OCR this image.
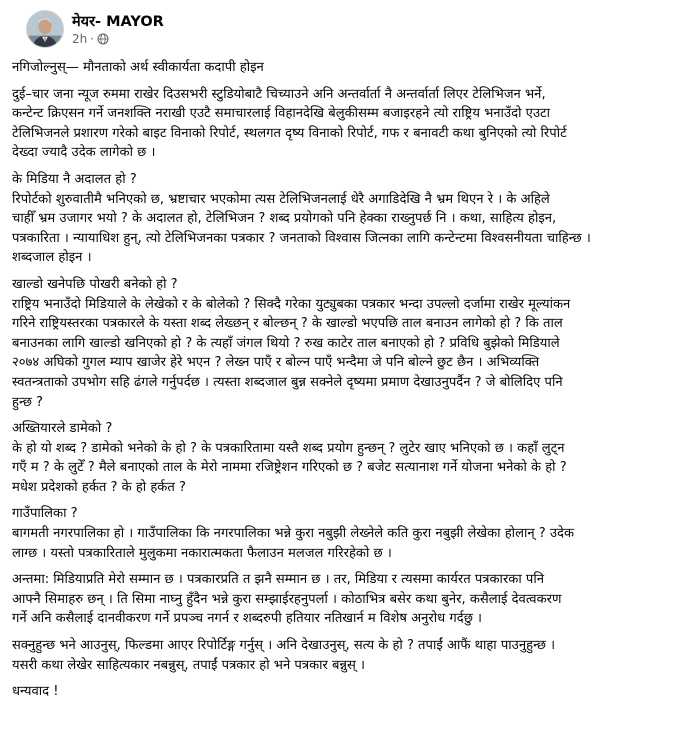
मेयर- MAYOR
2h ·

नगिजोल्नुस्— मौनताको अर्थ स्वीकार्यता कदापी होइन

दुई–चार जना न्यूज रुममा राखेर दिउसभरी स्टुडियोबाटै चिच्याउने अनि अन्तर्वार्ता नै अन्तर्वार्ता लिएर टेलिभिजन भर्ने,
कन्टेन्ट क्रिएसन गर्ने जनशक्ति नराखी एउटै समाचारलाई विहानदेखि बेलुकीसम्म बजाइरहने त्यो राष्ट्रिय भनाउँदो एउटा
टेलिभिजनले प्रशारण गरेको बाइट विनाको रिपोर्ट, स्थलगत दृष्य विनाको रिपोर्ट, गफ र बनावटी कथा बुनिएको त्यो रिपोर्ट
देख्दा ज्यादै उदेक लागेको छ ।

के मिडिया नै अदालत हो ?
रिपोर्टको शुरुवातीमै भनिएको छ, भ्रष्टाचार भएकोमा त्यस टेलिभिजनलाई धेरै अगाडिदेखि नै भ्रम थिएन रे । के अहिले
चाहीँ भ्रम उजागर भयो ? के अदालत हो, टेलिभिजन ? शब्द प्रयोगको पनि हेक्का राख्नुपर्छ नि । कथा, साहित्य होइन,
पत्रकारिता । न्यायाधिश हुन्, त्यो टेलिभिजनका पत्रकार ? जनताको विश्वास जित्नका लागि कन्टेन्टमा विश्वसनीयता चाहिन्छ ।
शब्दजाल होइन ।

खाल्डो खनेपछि पोखरी बनेको हो ?
राष्ट्रिय भनाउँदो मिडियाले के लेखेको र के बोलेको ? सिक्दै गरेका युट्युबका पत्रकार भन्दा उपल्लो दर्जामा राखेर मूल्यांकन
गरिने राष्ट्रियस्तरका पत्रकारले के यस्ता शब्द लेख्छन् र बोल्छन् ? के खाल्डो भएपछि ताल बनाउन लागेको हो ? कि ताल
बनाउनका लागि खाल्डो खनिएको हो ? के त्यहाँ जंगल थियो ? रुख काटेर ताल बनाएको हो ? प्रविधि बुझेको मिडियाले
२०७४ अघिको गुगल म्याप खाजेर हेरे भएन ? लेख्न पाएँ र बोल्न पाएँ भन्दैमा जे पनि बोल्ने छुट छैन । अभिव्यक्ति
स्वतन्त्रताको उपभोग सहि ढंगले गर्नुपर्दछ । त्यस्ता शब्दजाल बुन्न सक्नेले दृष्यमा प्रमाण देखाउनुपर्दैन ? जे बोलिदिए पनि
हुन्छ ?

अख्तियारले डामेको ?
के हो यो शब्द ? डामेको भनेको के हो ? के पत्रकारितामा यस्तै शब्द प्रयोग हुन्छन् ? लुटेर खाए भनिएको छ । कहाँ लुट्न
गएँ म ? के लुटेँ ? मैले बनाएको ताल के मेरो नाममा रजिष्ट्रेशन गरिएको छ ? बजेट सत्यानाश गर्ने योजना भनेको के हो ?
मधेश प्रदेशको हर्कत ? के हो हर्कत ?

गाउँपालिका ?
बागमती नगरपालिका हो । गाउँपालिका कि नगरपालिका भन्ने कुरा नबुझी लेख्नेले कति कुरा नबुझी लेखेका होलान् ? उदेक
लाग्छ । यस्तो पत्रकारिताले मुलुकमा नकारात्मकता फैलाउन मलजल गरिरहेको छ ।

अन्तमा: मिडियाप्रति मेरो सम्मान छ । पत्रकारप्रति त झनै सम्मान छ । तर, मिडिया र त्यसमा कार्यरत पत्रकारका पनि
आफ्नै सिमाहरु छन् । ति सिमा नाघ्नु हुँदैन भन्ने कुरा सम्झाईरहनुपर्ला । कोठाभित्र बसेर कथा बुनेर, कसैलाई देवत्वकरण
गर्ने अनि कसैलाई दानवीकरण गर्ने प्रपञ्च नगर्न र शब्दरुपी हतियार नतिखार्न म विशेष अनुरोध गर्दछु ।

सक्नुहुन्छ भने आउनुस्, फिल्डमा आएर रिपोर्टिङ्ग गर्नुस् । अनि देखाउनुस्, सत्य के हो ? तपाईं आफैं थाहा पाउनुहुन्छ ।
यसरी कथा लेखेर साहित्यकार नबन्नुस्, तपाईं पत्रकार हो भने पत्रकार बन्नुस् ।

धन्यवाद !
